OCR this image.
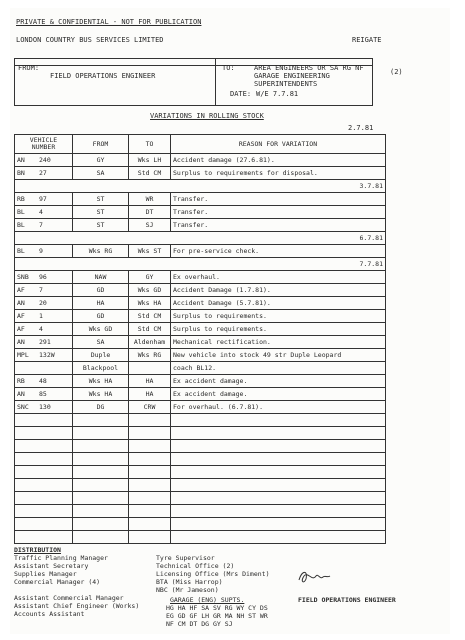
PRIVATE & CONFIDENTIAL - NOT FOR PUBLICATION
LONDON COUNTRY BUS SERVICES LIMITED	REIGATE
FROM:
FIELD OPERATIONS ENGINEER
TO:	AREA ENGINEERS OR SA RG NF
GARAGE ENGINEERING
SUPERINTENDENTS
DATE: W/E 7.7.81
(2)
VARIATIONS IN ROLLING STOCK
2.7.81
VEHICLE NUMBER	FROM	TO	REASON FOR VARIATION
AN 240	GY	Wks LH	Accident damage (27.6.81).
BN 27	SA	Std CM	Surplus to requirements for disposal.
3.7.81			
RB 97	ST	WR	Transfer.
BL 4	ST	DT	Transfer.
BL 7	ST	SJ	Transfer.
6.7.81			
BL 9	Wks RG	Wks ST	For pre-service check.
7.7.81			
SNB 96	NAW	GY	Ex overhaul.
AF 7	GD	Wks GD	Accident Damage (1.7.81).
AN 20	HA	Wks HA	Accident Damage (5.7.81).
AF 1	GD	Std CM	Surplus to requirements.
AF 4	Wks GD	Std CM	Surplus to requirements.
AN 291	SA	Aldenham	Mechanical rectification.
MPL 132W	Duple	Wks RG	New vehicle into stock 49 str Duple Leopard
	Blackpool		coach BL12.
RB 48	Wks HA	HA	Ex accident damage.
AN 85	Wks HA	HA	Ex accident damage.
SNC 130	DG	CRW	For overhaul. (6.7.81).

DISTRIBUTION
Traffic Planning Manager
Assistant Secretary
Supplies Manager
Commercial Manager (4)
Assistant Commercial Manager
Assistant Chief Engineer (Works)
Accounts Assistant
Tyre Supervisor
Technical Office (2)
Licensing Office (Mrs Diment)
BTA (Miss Harrop)
NBC (Mr Jameson)
GARAGE (ENG) SUPTS.
HG HA HF SA SV RG WY CY DS
EG GD GF LH GR MA NH ST WR
NF CM DT DG GY SJ
FIELD OPERATIONS ENGINEER
